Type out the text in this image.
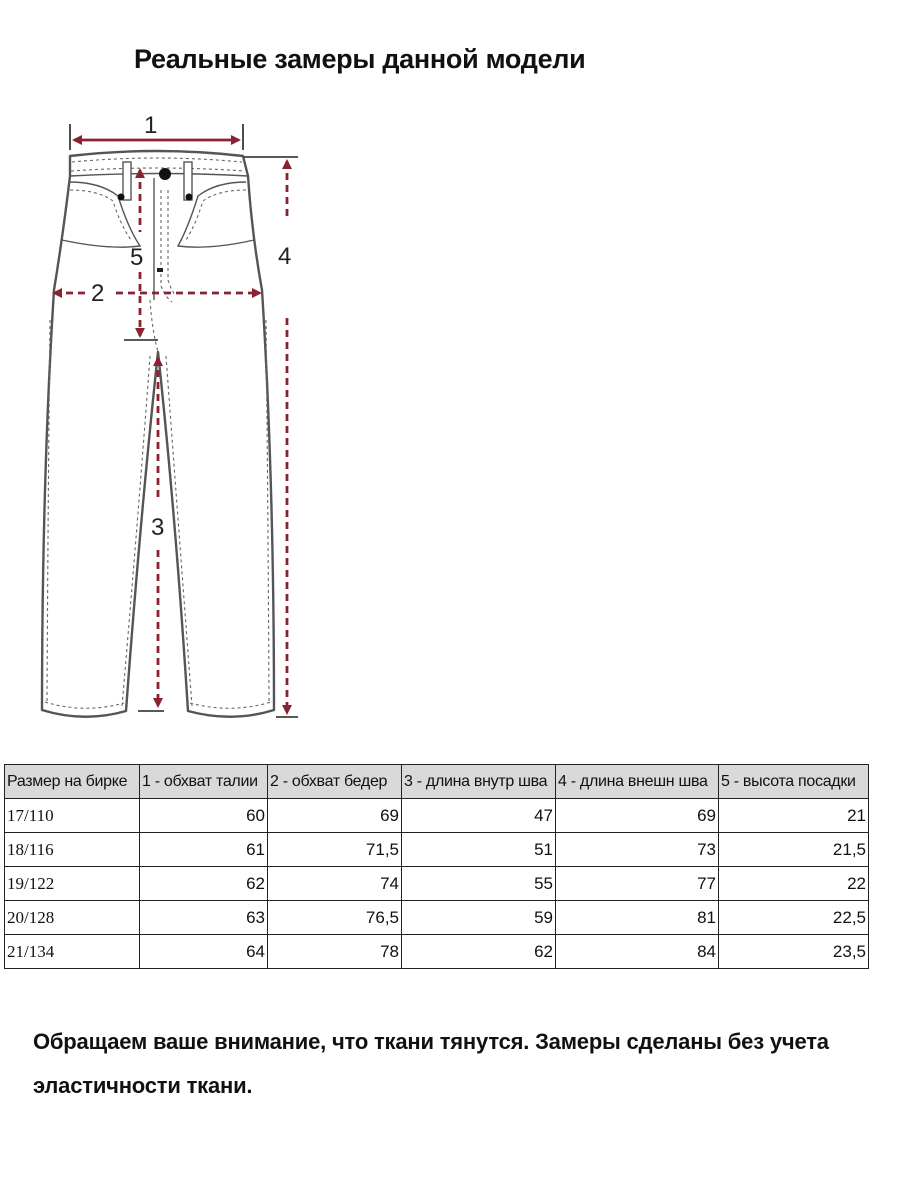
Реальные замеры данной модели
1
2
5
3
4
Размер на бирке	1 - обхват талии	2 - обхват бедер	3 - длина внутр шва	4 - длина внешн шва	5 - высота посадки
17/110	60	69	47	69	21
18/116	61	71,5	51	73	21,5
19/122	62	74	55	77	22
20/128	63	76,5	59	81	22,5
21/134	64	78	62	84	23,5
Обращаем ваше внимание, что ткани тянутся. Замеры сделаны без учета эластичности ткани.
